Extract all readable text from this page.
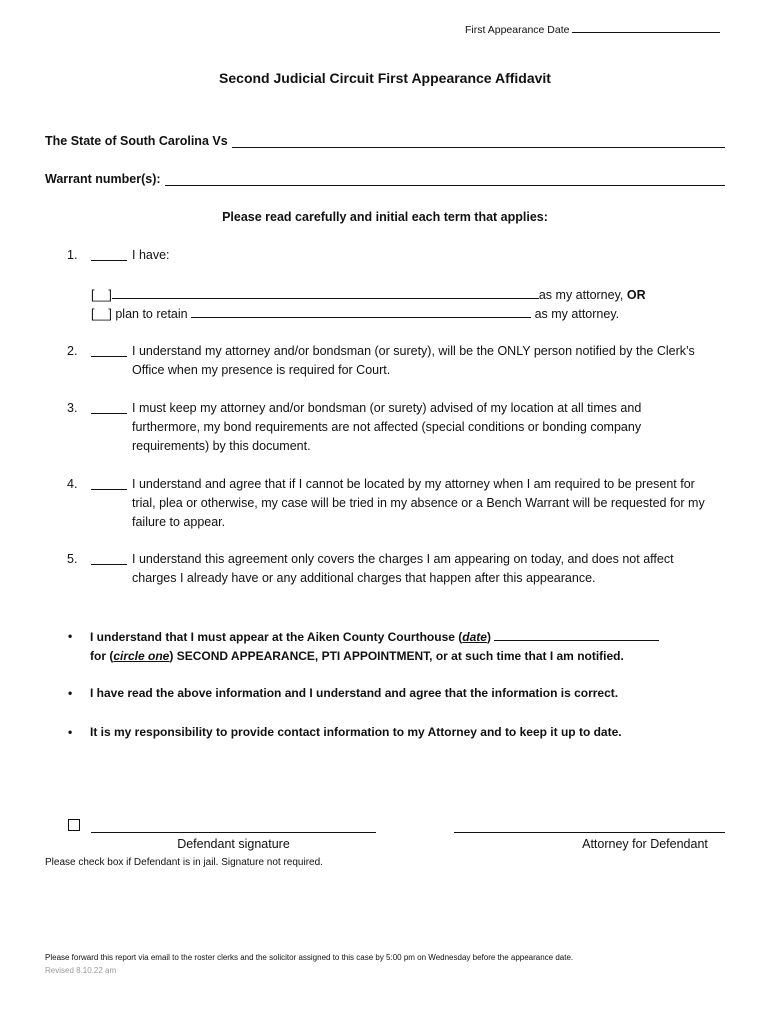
First Appearance Date
Second Judicial Circuit First Appearance Affidavit
The State of South Carolina Vs
Warrant number(s):
Please read carefully and initial each term that applies:
1.	I have:
[__]	as my attorney, OR
[__] plan to retain	as my attorney.
2.	I understand my attorney and/or bondsman (or surety), will be the ONLY person notified by the Clerk’s Office when my presence is required for Court.
3.	I must keep my attorney and/or bondsman (or surety) advised of my location at all times and furthermore, my bond requirements are not affected (special conditions or bonding company requirements) by this document.
4.	I understand and agree that if I cannot be located by my attorney when I am required to be present for trial, plea or otherwise, my case will be tried in my absence or a Bench Warrant will be requested for my failure to appear.
5.	I understand this agreement only covers the charges I am appearing on today, and does not affect charges I already have or any additional charges that happen after this appearance.
• I understand that I must appear at the Aiken County Courthouse (date)
for (circle one) SECOND APPEARANCE, PTI APPOINTMENT, or at such time that I am notified.
• I have read the above information and I understand and agree that the information is correct.
• It is my responsibility to provide contact information to my Attorney and to keep it up to date.
Defendant signature	Attorney for Defendant
Please check box if Defendant is in jail. Signature not required.
Please forward this report via email to the roster clerks and the solicitor assigned to this case by 5:00 pm on Wednesday before the appearance date.
Revised 8.10.22 am
